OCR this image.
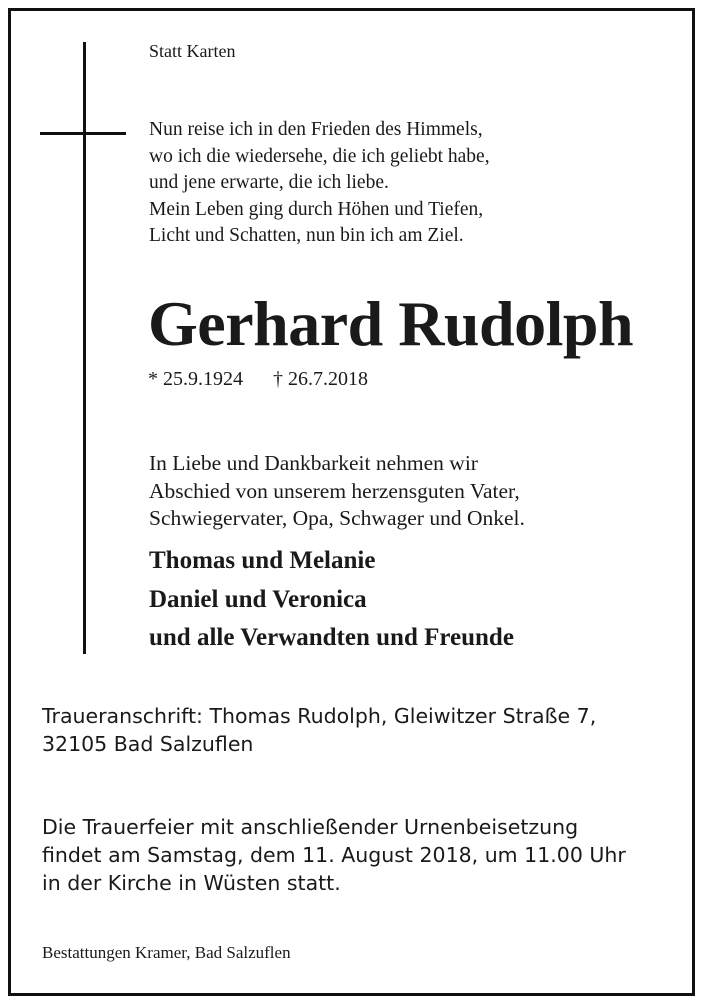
Statt Karten

Nun reise ich in den Frieden des Himmels,
wo ich die wiedersehe, die ich geliebt habe,
und jene erwarte, die ich liebe.
Mein Leben ging durch Höhen und Tiefen,
Licht und Schatten, nun bin ich am Ziel.
Gerhard Rudolph
* 25.9.1924 † 26.7.2018
In Liebe und Dankbarkeit nehmen wir
Abschied von unserem herzensguten Vater,
Schwiegervater, Opa, Schwager und Onkel.
Thomas und Melanie
Daniel und Veronica
und alle Verwandten und Freunde
Traueranschrift: Thomas Rudolph, Gleiwitzer Straße 7,
32105 Bad Salzuflen
Die Trauerfeier mit anschließender Urnenbeisetzung
findet am Samstag, dem 11. August 2018, um 11.00 Uhr
in der Kirche in Wüsten statt.

Bestattungen Kramer, Bad Salzuflen
